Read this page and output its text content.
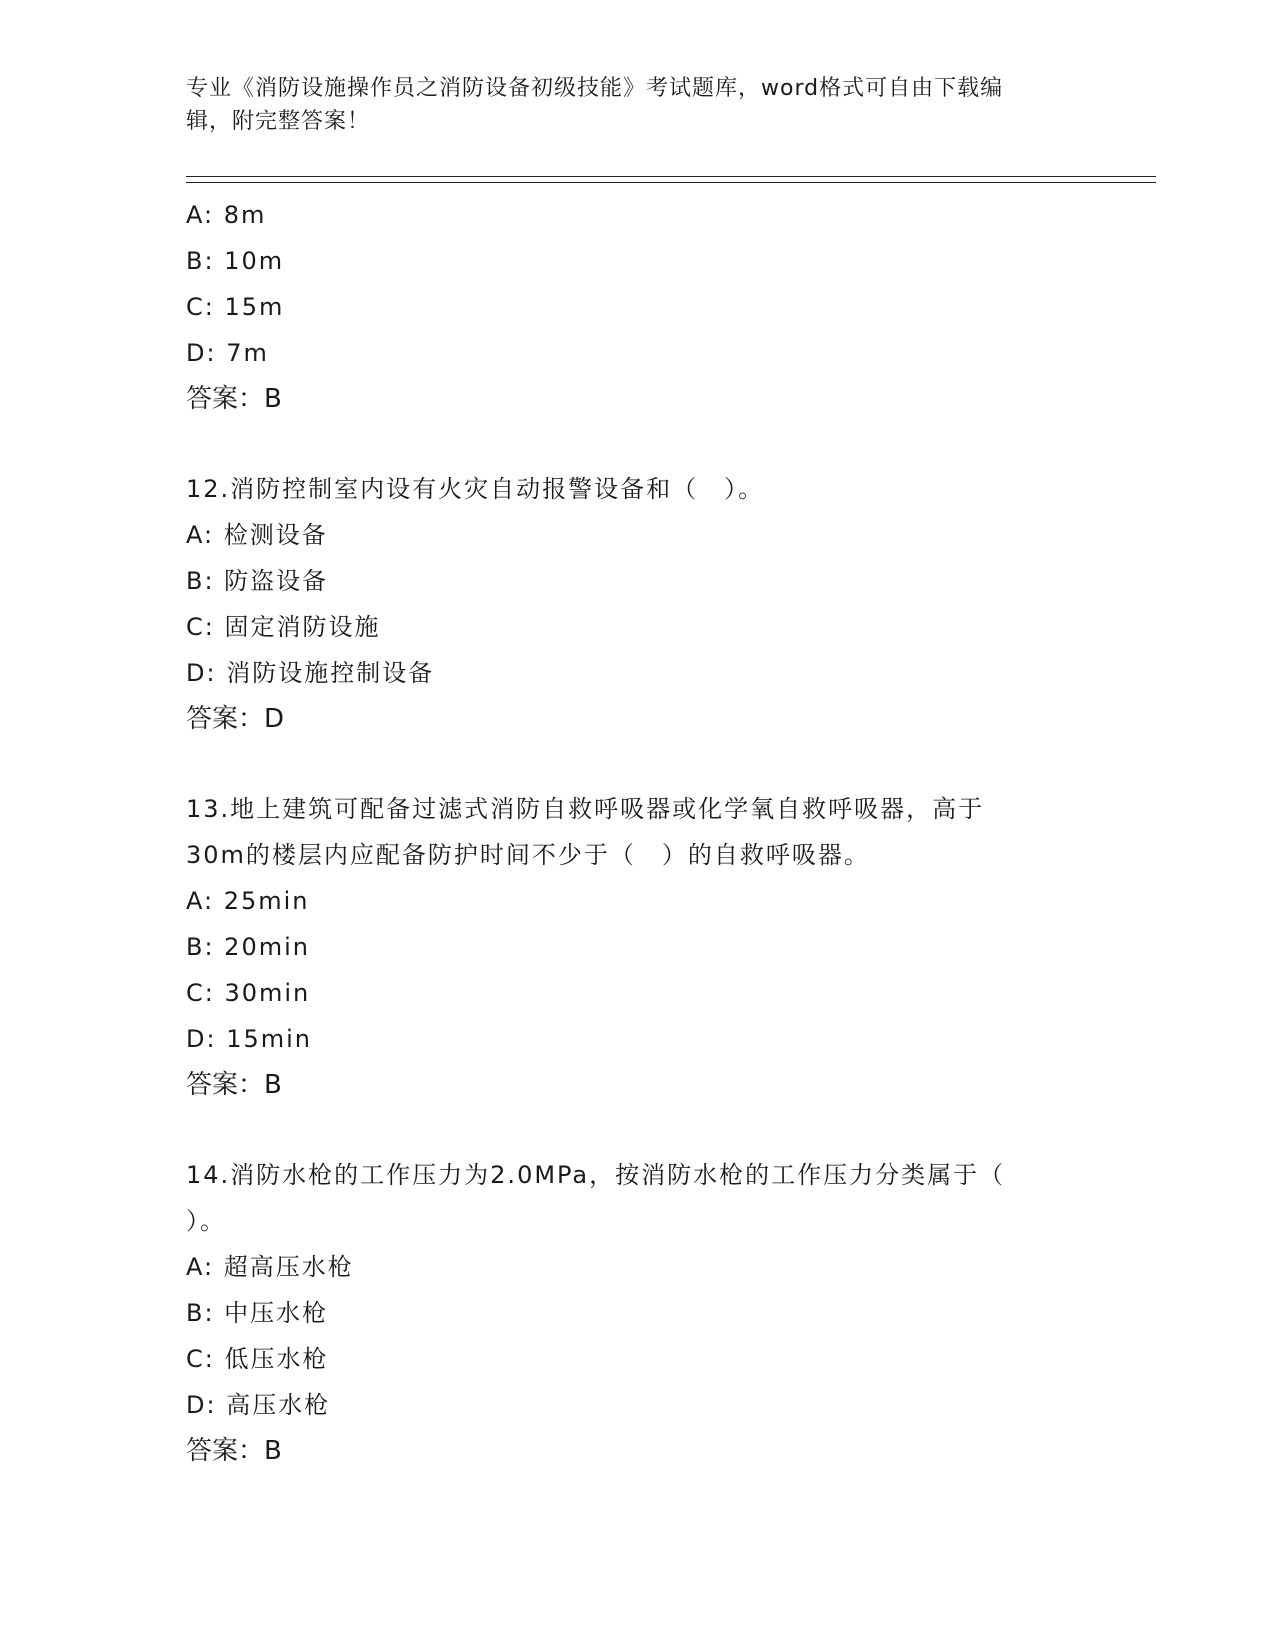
专业《消防设施操作员之消防设备初级技能》考试题库，word格式可自由下载编
辑，附完整答案！
A: 8m
B: 10m
C: 15m
D: 7m
答案：B
12.消防控制室内设有火灾自动报警设备和（　）。
A: 检测设备
B: 防盗设备
C: 固定消防设施
D: 消防设施控制设备
答案：D
13.地上建筑可配备过滤式消防自救呼吸器或化学氧自救呼吸器，高于
30m的楼层内应配备防护时间不少于（　）的自救呼吸器。
A: 25min
B: 20min
C: 30min
D: 15min
答案：B
14.消防水枪的工作压力为2.0MPa，按消防水枪的工作压力分类属于（
）。
A: 超高压水枪
B: 中压水枪
C: 低压水枪
D: 高压水枪
答案：B
